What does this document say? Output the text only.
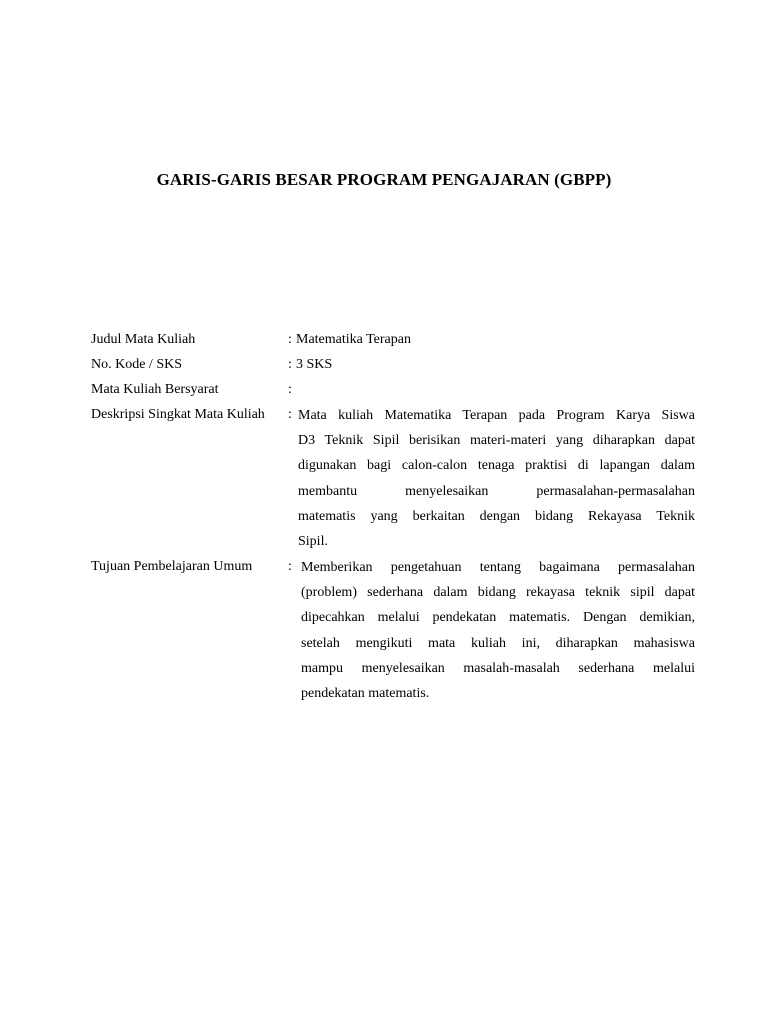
GARIS-GARIS BESAR PROGRAM PENGAJARAN (GBPP)
Judul Mata Kuliah	: Matematika Terapan
No. Kode / SKS	: 3 SKS
Mata Kuliah Bersyarat	:
Deskripsi Singkat Mata Kuliah : Mata kuliah Matematika Terapan pada Program Karya Siswa
D3 Teknik Sipil berisikan materi-materi yang diharapkan dapat
digunakan bagi calon-calon tenaga praktisi di lapangan dalam
membantu menyelesaikan permasalahan-permasalahan
matematis yang berkaitan dengan bidang Rekayasa Teknik
Sipil.

Tujuan Pembelajaran Umum	: Memberikan pengetahuan tentang bagaimana permasalahan
(problem) sederhana dalam bidang rekayasa teknik sipil dapat
dipecahkan melalui pendekatan matematis. Dengan demikian,
setelah mengikuti mata kuliah ini, diharapkan mahasiswa
mampu menyelesaikan masalah-masalah sederhana melalui
pendekatan matematis.
